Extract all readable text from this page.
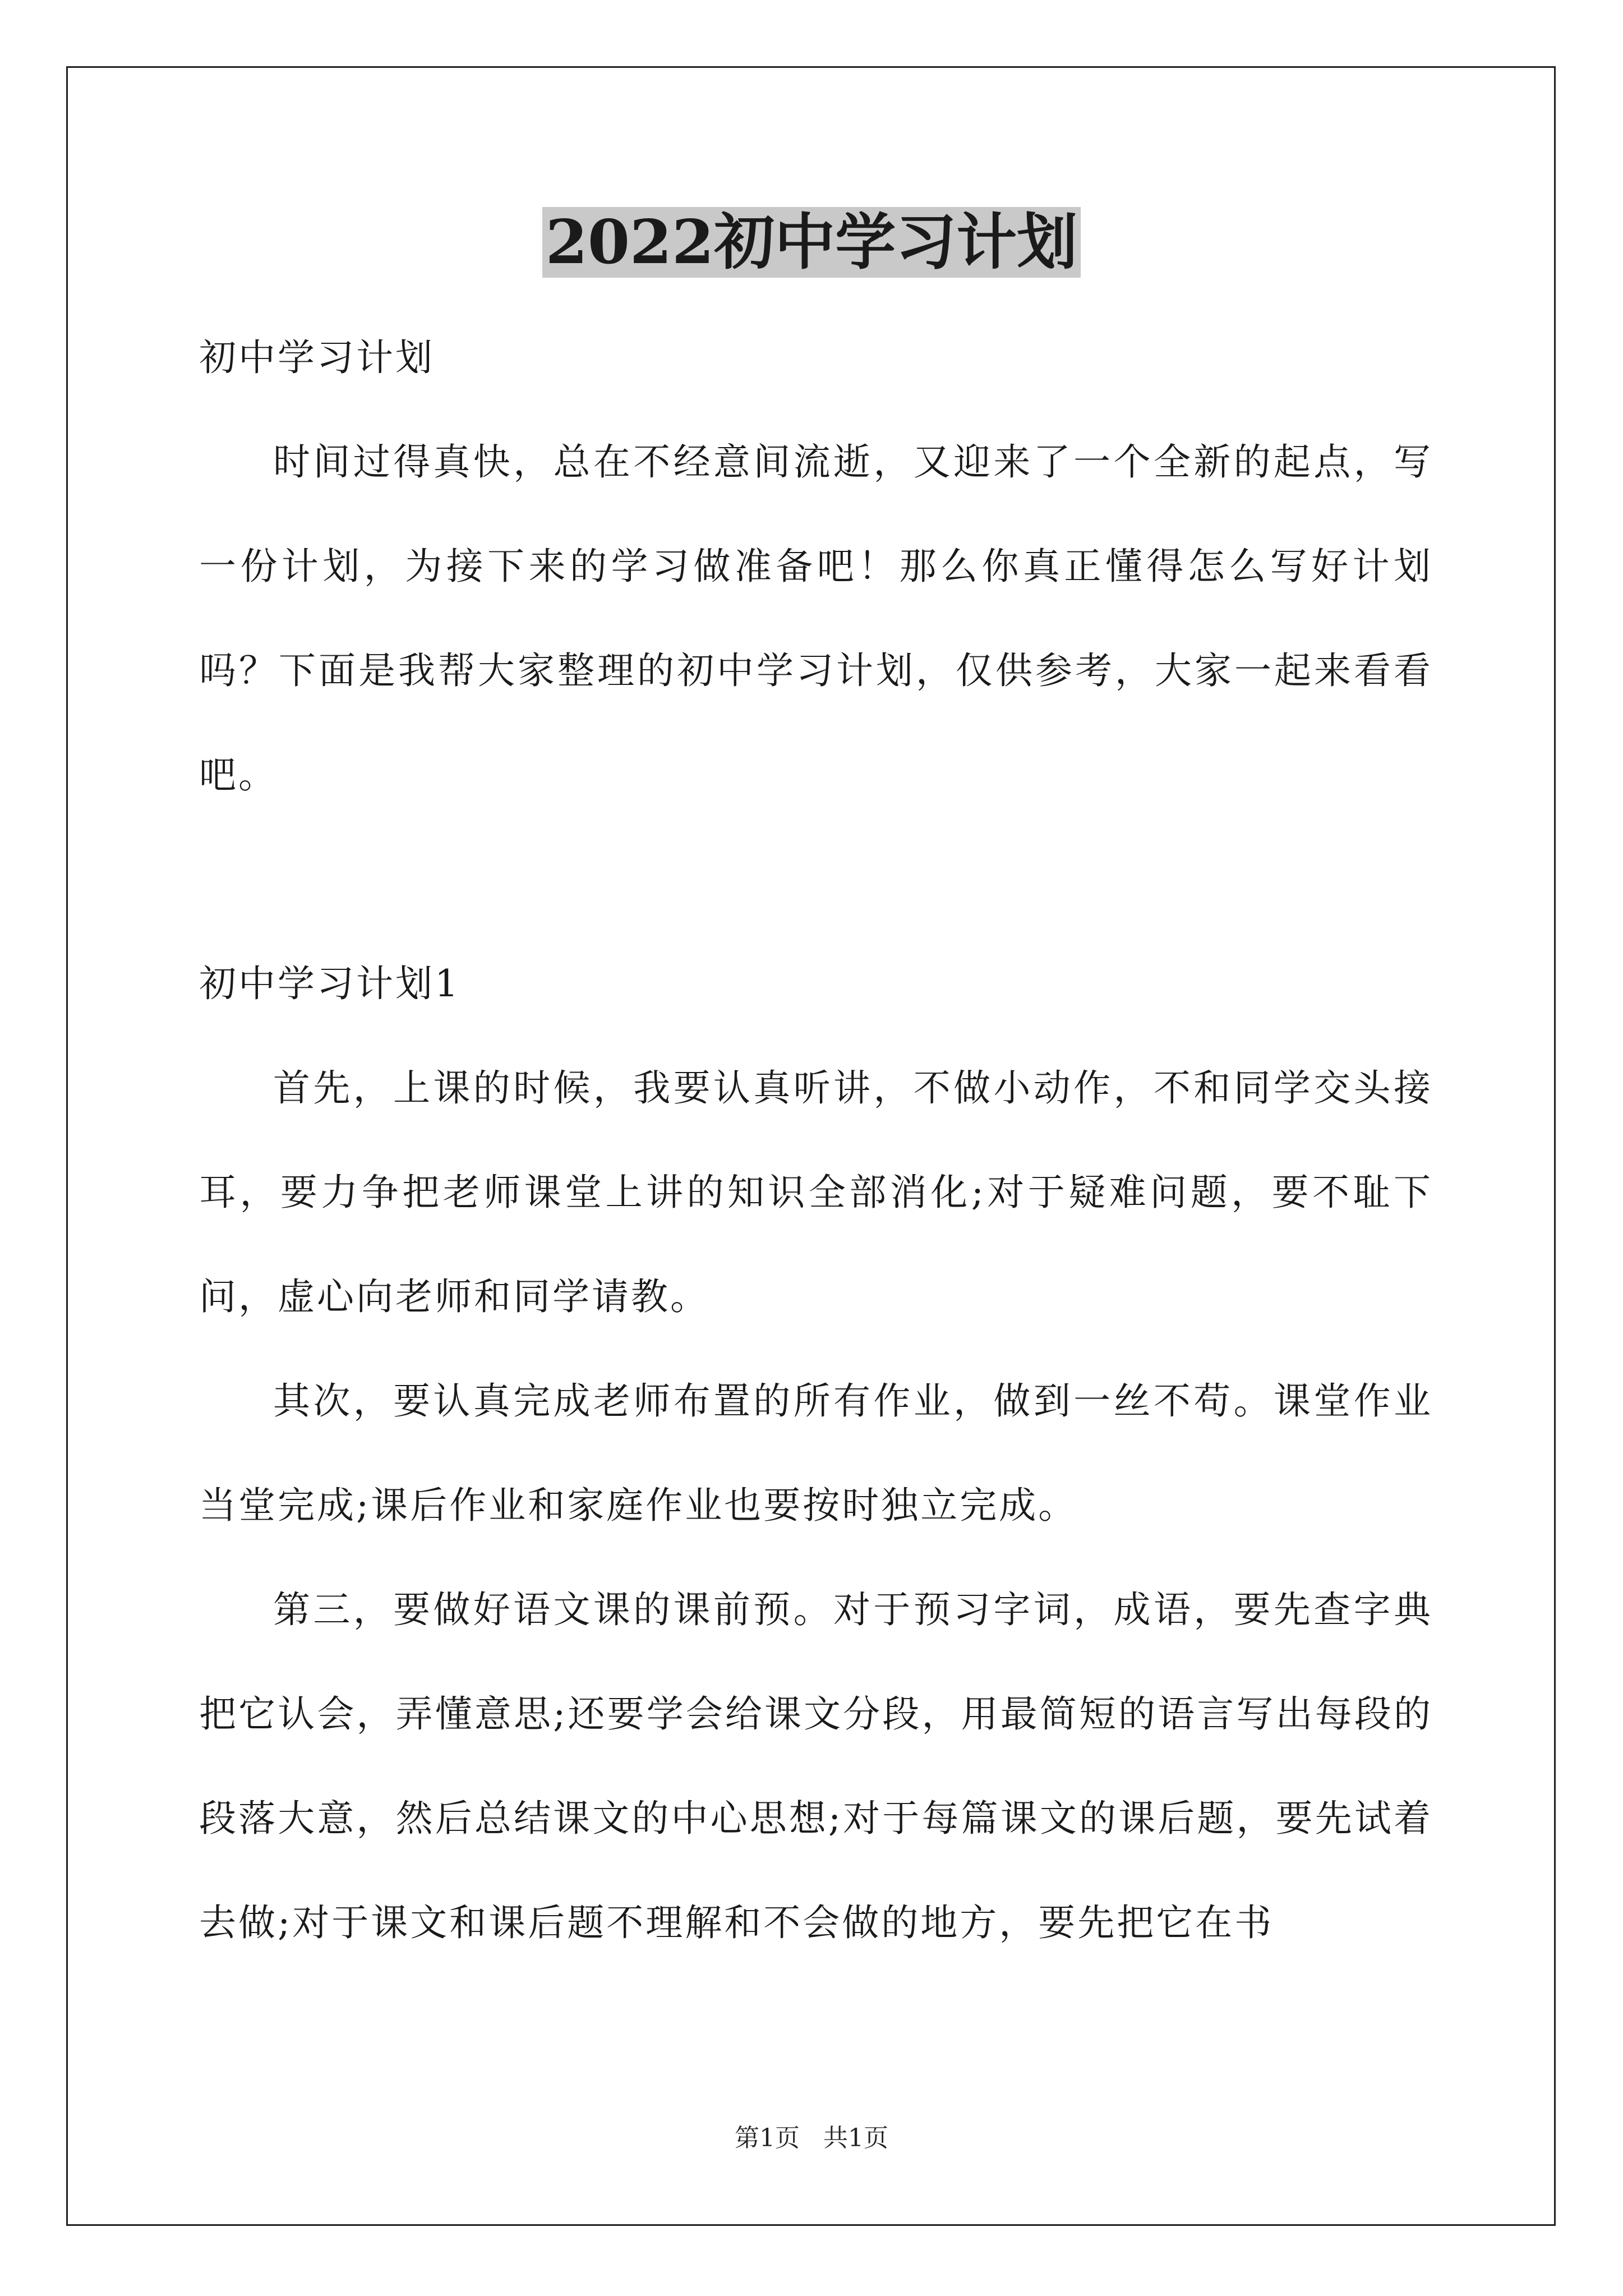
2022初中学习计划

初中学习计划

时间过得真快，总在不经意间流逝，又迎来了一个全新的起点，写一份计划，为接下来的学习做准备吧！那么你真正懂得怎么写好计划吗？下面是我帮大家整理的初中学习计划，仅供参考，大家一起来看看吧。

初中学习计划1

首先，上课的时候，我要认真听讲，不做小动作，不和同学交头接耳，要力争把老师课堂上讲的知识全部消化;对于疑难问题，要不耻下问，虚心向老师和同学请教。

其次，要认真完成老师布置的所有作业，做到一丝不苟。课堂作业当堂完成;课后作业和家庭作业也要按时独立完成。

第三，要做好语文课的课前预。对于预习字词，成语，要先查字典把它认会，弄懂意思;还要学会给课文分段，用最简短的语言写出每段的段落大意，然后总结课文的中心思想;对于每篇课文的课后题，要先试着去做;对于课文和课后题不理解和不会做的地方，要先把它在书

第1页   共1页
